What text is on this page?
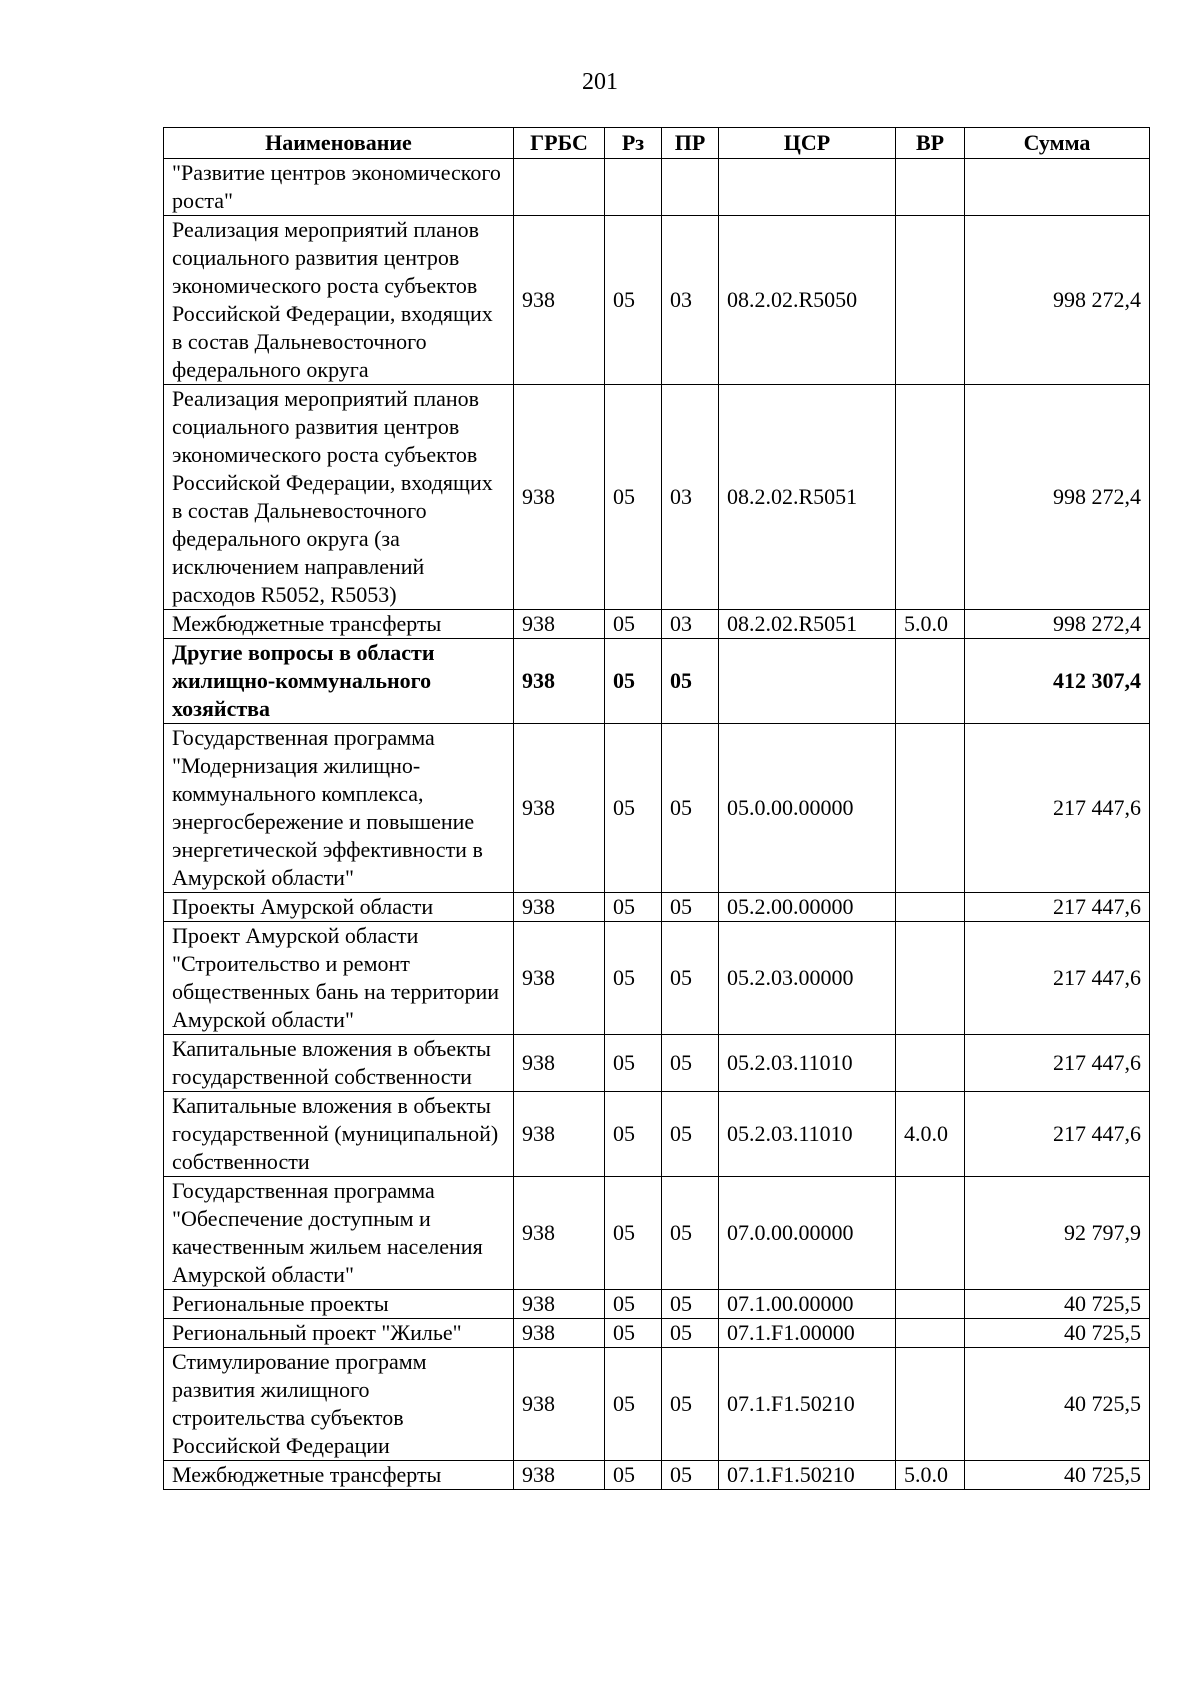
201
Наименование	ГРБС	Рз	ПР	ЦСР	ВР	Сумма
"Развитие центров экономического роста"						
Реализация мероприятий планов социального развития центров экономического роста субъектов Российской Федерации, входящих в состав Дальневосточного федерального округа	938	05	03	08.2.02.R5050		998 272,4
Реализация мероприятий планов социального развития центров экономического роста субъектов Российской Федерации, входящих в состав Дальневосточного федерального округа (за исключением направлений расходов R5052, R5053)	938	05	03	08.2.02.R5051		998 272,4
Межбюджетные трансферты	938	05	03	08.2.02.R5051	5.0.0	998 272,4
Другие вопросы в области жилищно-коммунального хозяйства	938	05	05			412 307,4
Государственная программа "Модернизация жилищно-коммунального комплекса, энергосбережение и повышение энергетической эффективности в Амурской области"	938	05	05	05.0.00.00000		217 447,6
Проекты Амурской области	938	05	05	05.2.00.00000		217 447,6
Проект Амурской области "Строительство и ремонт общественных бань на территории Амурской области"	938	05	05	05.2.03.00000		217 447,6
Капитальные вложения в объекты государственной собственности	938	05	05	05.2.03.11010		217 447,6
Капитальные вложения в объекты государственной (муниципальной) собственности	938	05	05	05.2.03.11010	4.0.0	217 447,6
Государственная программа "Обеспечение доступным и качественным жильем населения Амурской области"	938	05	05	07.0.00.00000		92 797,9
Региональные проекты	938	05	05	07.1.00.00000		40 725,5
Региональный проект "Жилье"	938	05	05	07.1.F1.00000		40 725,5
Стимулирование программ развития жилищного строительства субъектов Российской Федерации	938	05	05	07.1.F1.50210		40 725,5
Межбюджетные трансферты	938	05	05	07.1.F1.50210	5.0.0	40 725,5
